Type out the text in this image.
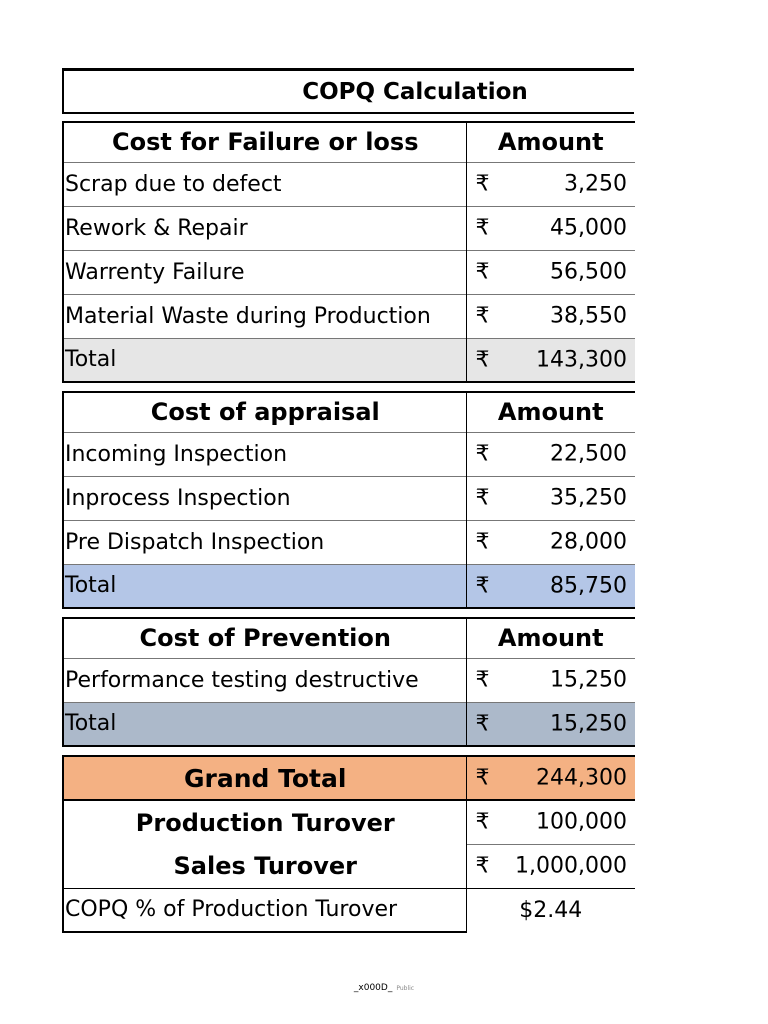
COPQ Calculation
Cost for Failure or loss	Amount
Scrap due to defect	₹ 3,250

Rework & Repair	₹ 45,000

Warrenty Failure	₹ 56,500

Material Waste during Production	₹ 38,550

Total	₹ 143,300
Cost of appraisal	Amount
Incoming Inspection	₹ 22,500

Inprocess Inspection	₹ 35,250

Pre Dispatch Inspection	₹ 28,000

Total	₹ 85,750
Cost of Prevention	Amount
Performance testing destructive	₹ 15,250

Total	₹ 15,250
Grand Total	₹ 244,300

Production Turover	₹ 100,000

Sales Turover	₹ 1,000,000

COPQ % of Production Turover	$2.44
_x000D_ Public
